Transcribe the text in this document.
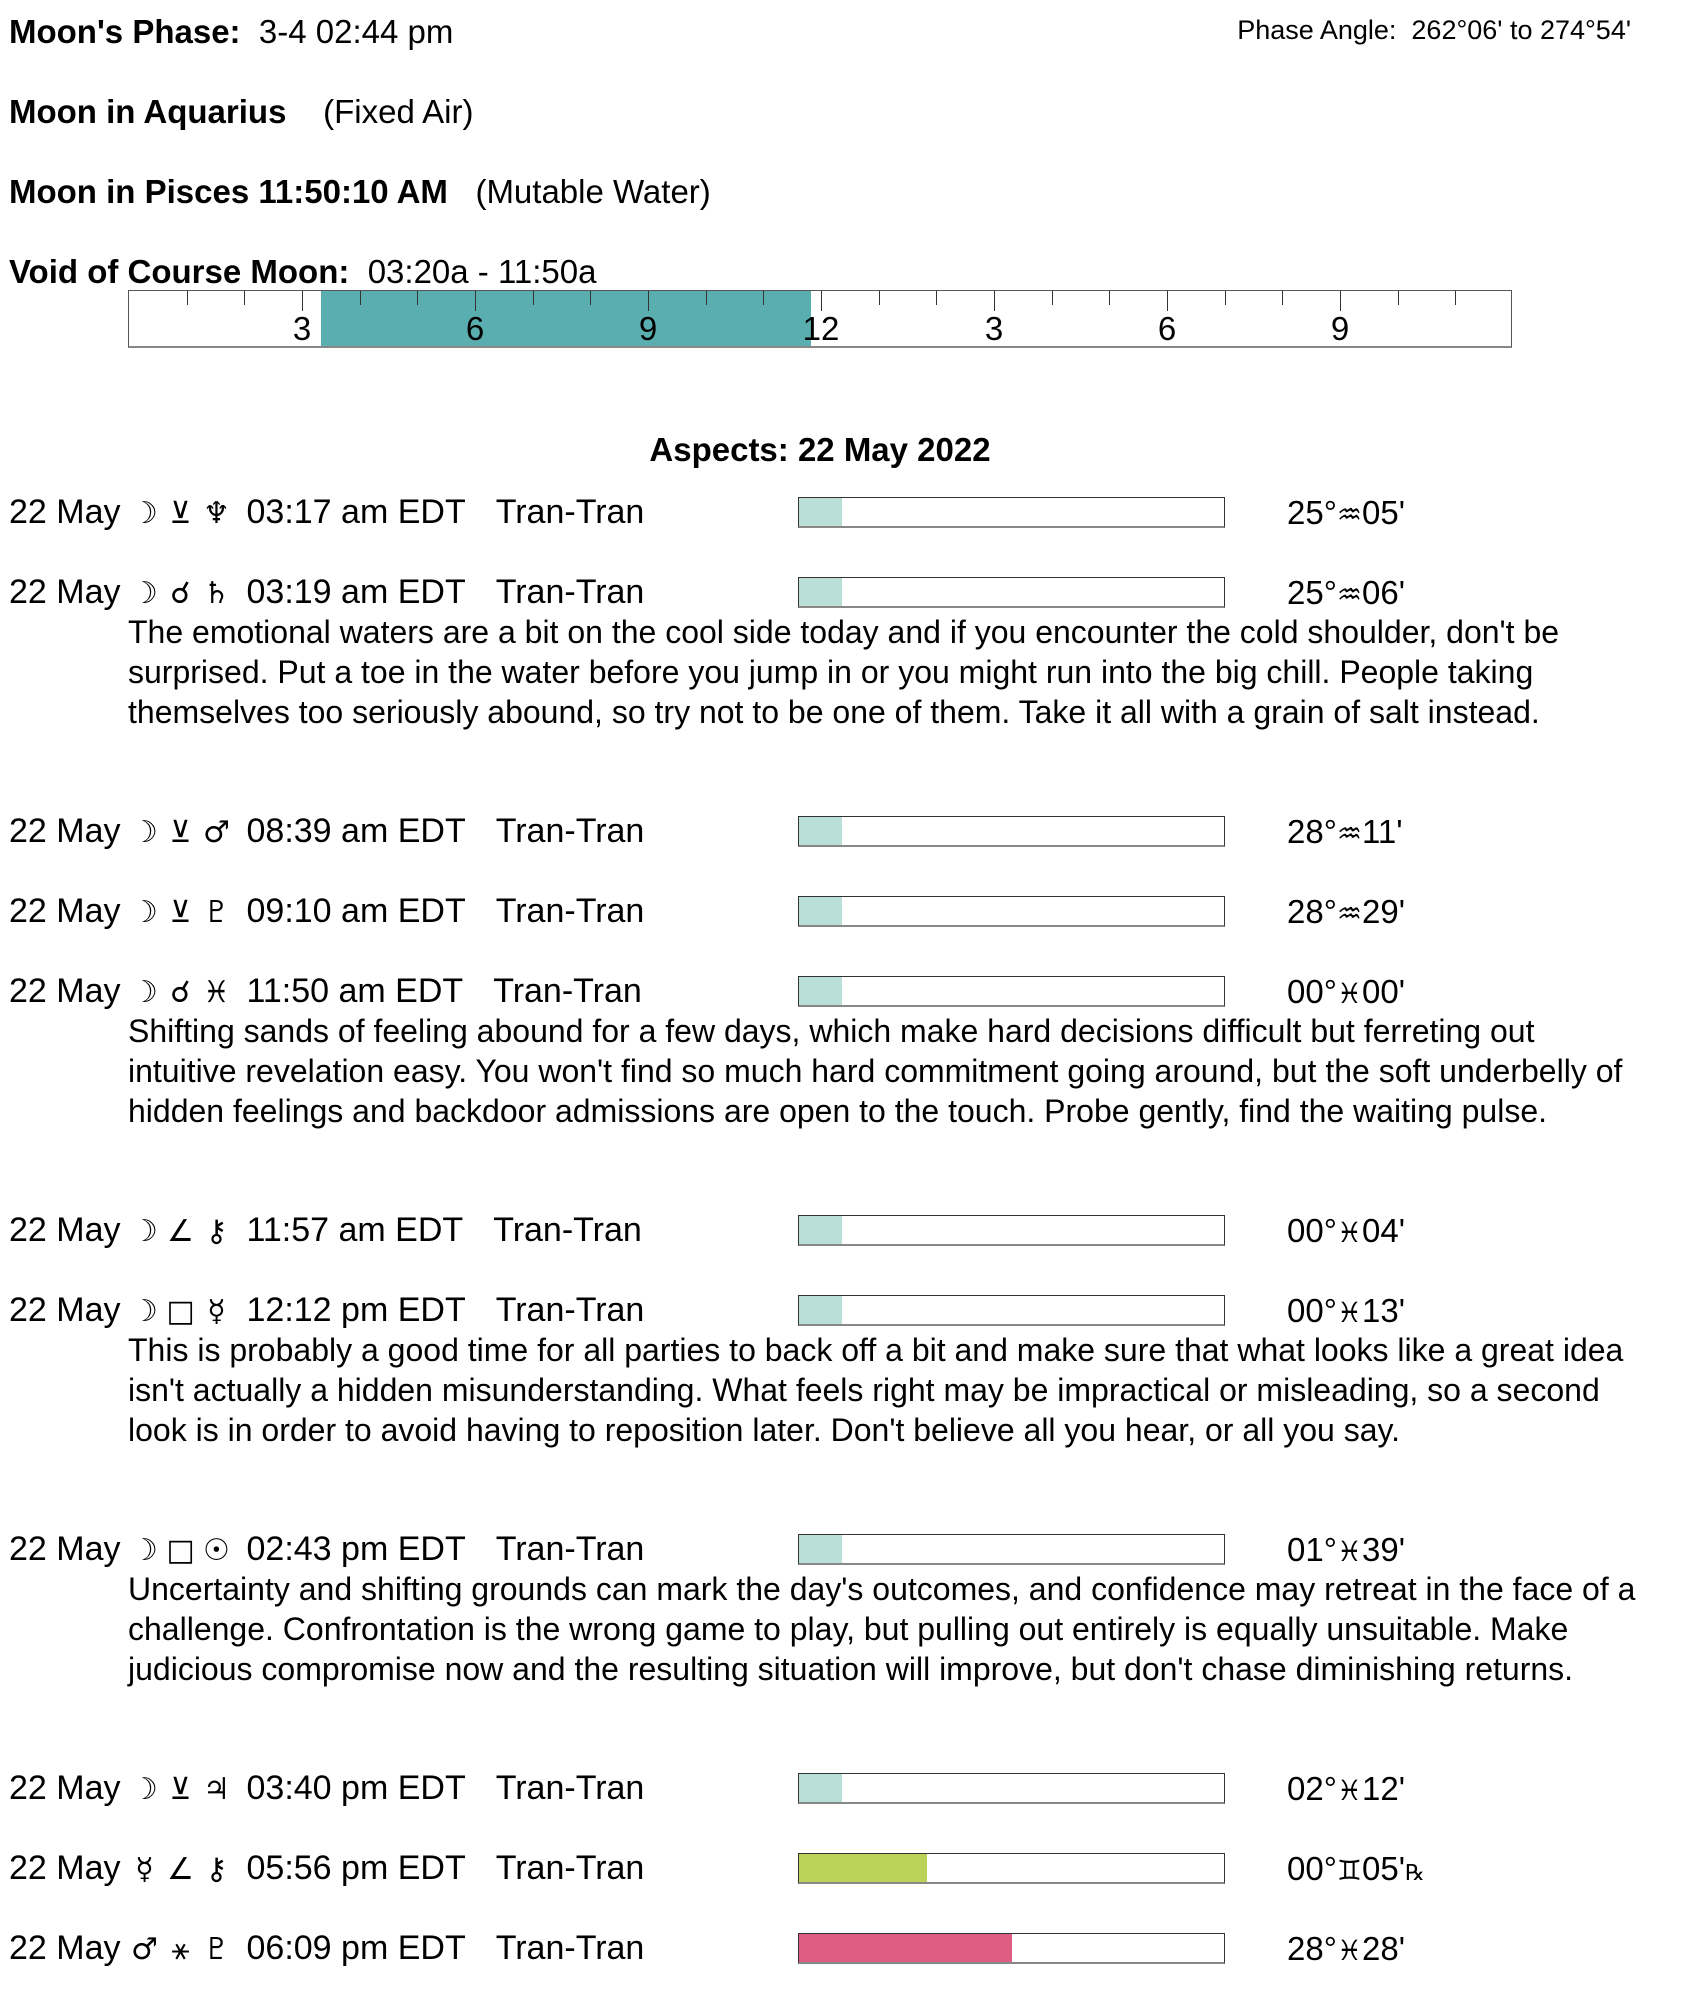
Moon's Phase: 3-4 02:44 pm	Phase Angle: 262°06' to 274°54'
Moon in Aquarius (Fixed Air)
Moon in Pisces 11:50:10 AM (Mutable Water)
Void of Course Moon: 03:20a - 11:50a
3	6	9	12	3	6	9
Aspects: 22 May 2022
22 May ☽ ⊻ ♆ 03:17 am EDT Tran-Tran	25°♒05'
22 May ☽ ☌ ♄ 03:19 am EDT Tran-Tran	25°♒06'
The emotional waters are a bit on the cool side today and if you encounter the cold shoulder, don't be surprised. Put a toe in the water before you jump in or you might run into the big chill. People taking themselves too seriously abound, so try not to be one of them. Take it all with a grain of salt instead.
22 May ☽ ⊻ ♂ 08:39 am EDT Tran-Tran	28°♒11'
22 May ☽ ⊻ ♇ 09:10 am EDT Tran-Tran	28°♒29'
22 May ☽ ☌ ♓ 11:50 am EDT Tran-Tran	00°♓00'
Shifting sands of feeling abound for a few days, which make hard decisions difficult but ferreting out intuitive revelation easy. You won't find so much hard commitment going around, but the soft underbelly of hidden feelings and backdoor admissions are open to the touch. Probe gently, find the waiting pulse.
22 May ☽ ∠ ⚷ 11:57 am EDT Tran-Tran	00°♓04'
22 May ☽ □ ☿ 12:12 pm EDT Tran-Tran	00°♓13'
This is probably a good time for all parties to back off a bit and make sure that what looks like a great idea isn't actually a hidden misunderstanding. What feels right may be impractical or misleading, so a second look is in order to avoid having to reposition later. Don't believe all you hear, or all you say.
22 May ☽ □ ☉ 02:43 pm EDT Tran-Tran	01°♓39'
Uncertainty and shifting grounds can mark the day's outcomes, and confidence may retreat in the face of a challenge. Confrontation is the wrong game to play, but pulling out entirely is equally unsuitable. Make judicious compromise now and the resulting situation will improve, but don't chase diminishing returns.
22 May ☽ ⊻ ♃ 03:40 pm EDT Tran-Tran	02°♓12'
22 May ☿ ∠ ⚷ 05:56 pm EDT Tran-Tran	00°♊05'℞
22 May ♂ ⚹ ♇ 06:09 pm EDT Tran-Tran	28°♓28'
